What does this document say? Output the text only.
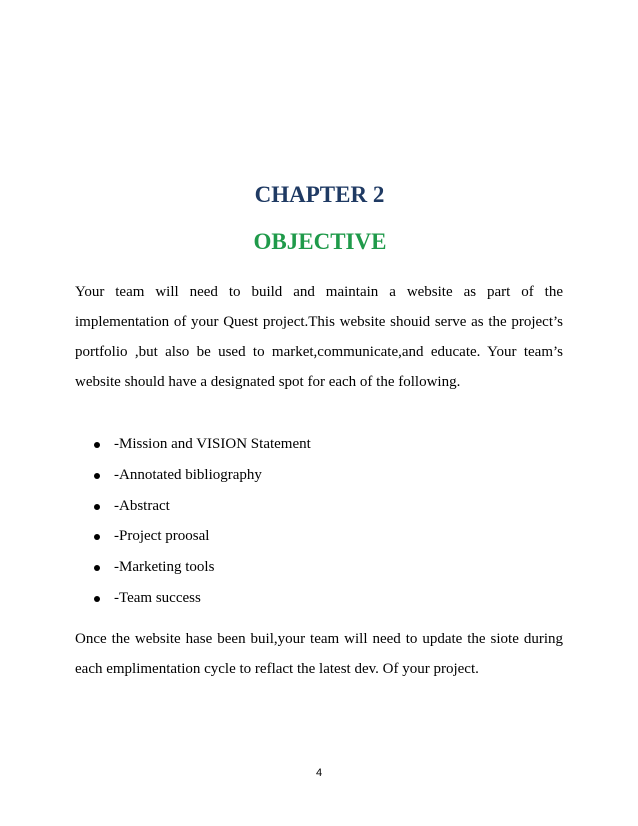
CHAPTER 2
OBJECTIVE

Your team will need to build and maintain a website as part of the implementation of your Quest project.This website shouid serve as the project’s portfolio ,but also be used to market,communicate,and educate. Your team’s website should have a designated spot for each of the following.

-Mission and VISION Statement
-Annotated bibliography
-Abstract
-Project proosal
-Marketing tools
-Team success

Once the website hase been buil,your team will need to update the siote during each emplimentation cycle to reflact the latest dev. Of your project.

4
